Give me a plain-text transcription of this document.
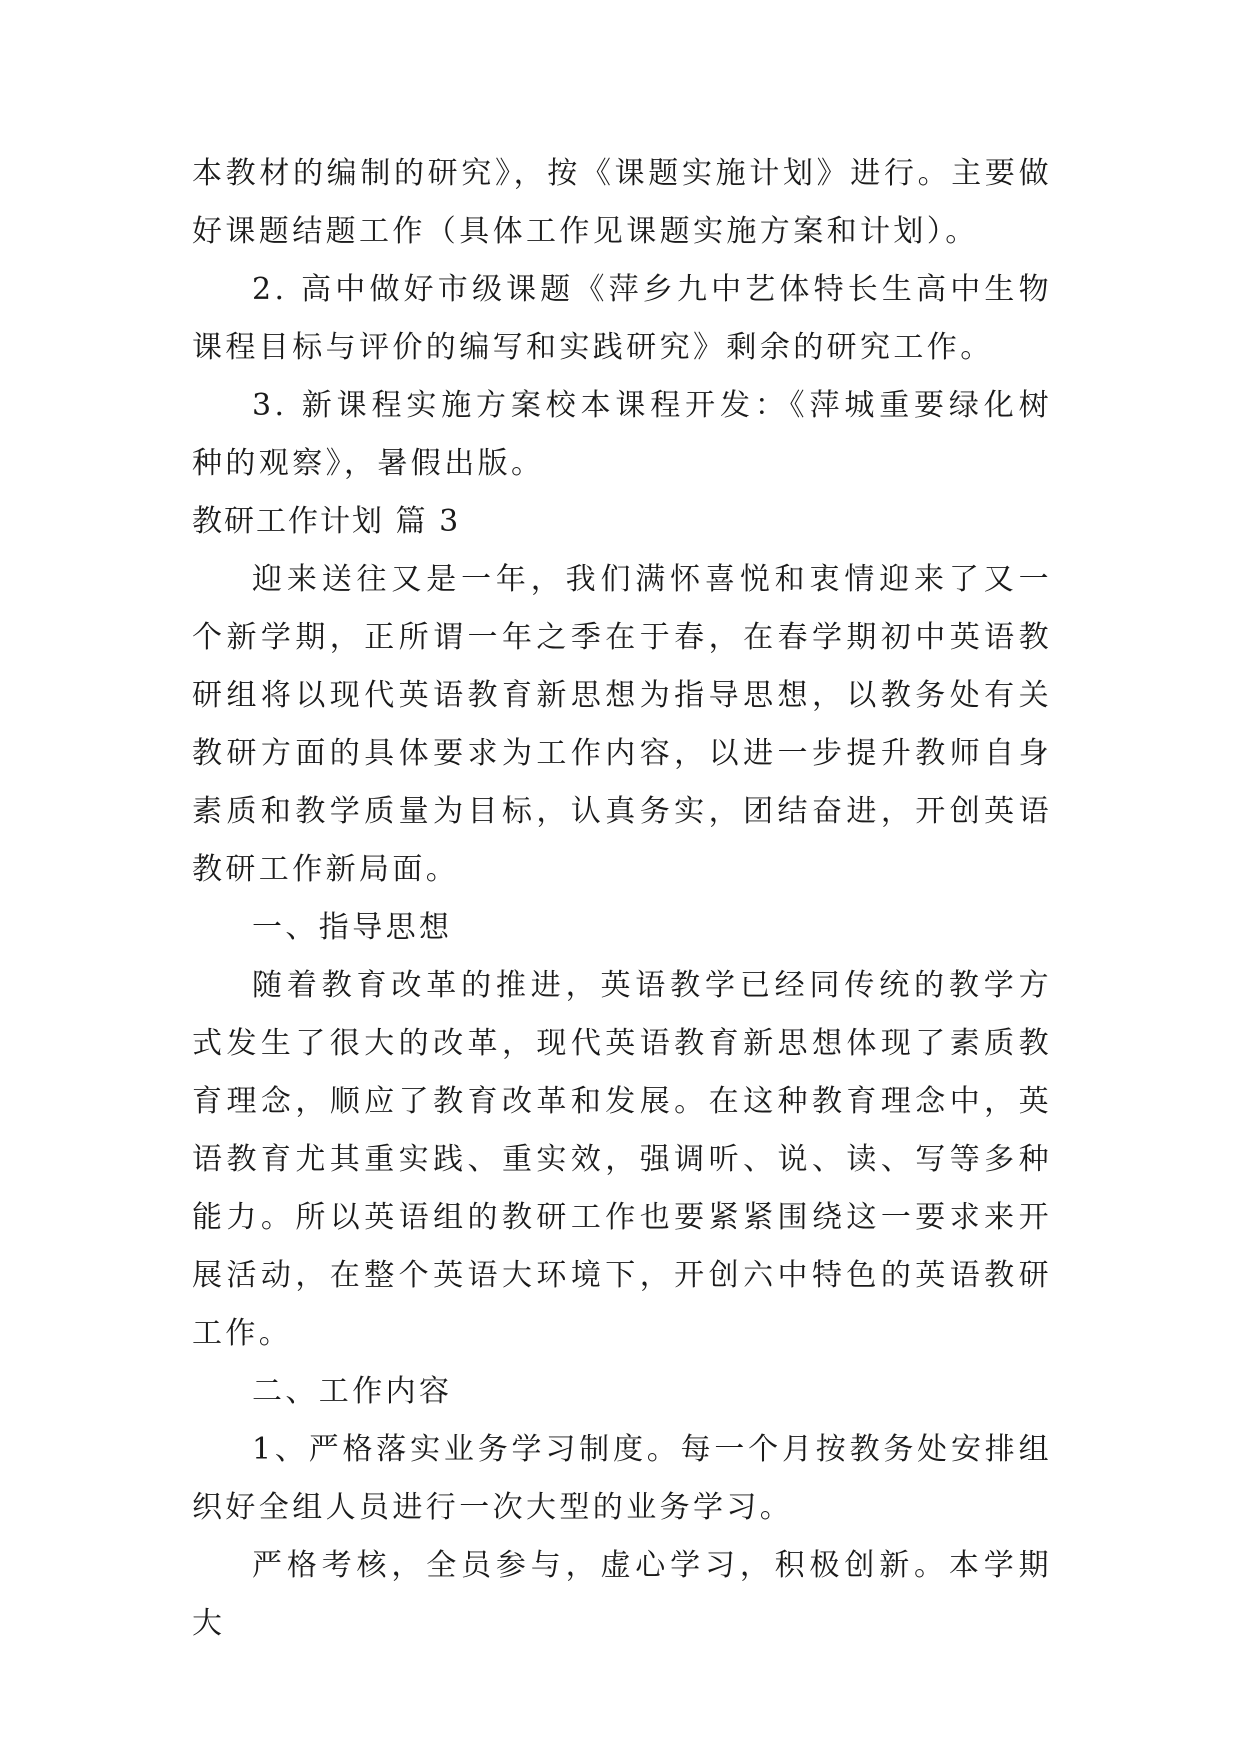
本教材的编制的研究》，按《课题实施计划》进行。主要做好课题结题工作（具体工作见课题实施方案和计划）。

2. 高中做好市级课题《萍乡九中艺体特长生高中生物课程目标与评价的编写和实践研究》剩余的研究工作。

3. 新课程实施方案校本课程开发：《萍城重要绿化树种的观察》，暑假出版。

教研工作计划 篇 3

迎来送往又是一年，我们满怀喜悦和衷情迎来了又一个新学期，正所谓一年之季在于春，在春学期初中英语教研组将以现代英语教育新思想为指导思想，以教务处有关教研方面的具体要求为工作内容，以进一步提升教师自身素质和教学质量为目标，认真务实，团结奋进，开创英语教研工作新局面。

一、指导思想

随着教育改革的推进，英语教学已经同传统的教学方式发生了很大的改革，现代英语教育新思想体现了素质教育理念，顺应了教育改革和发展。在这种教育理念中，英语教育尤其重实践、重实效，强调听、说、读、写等多种能力。所以英语组的教研工作也要紧紧围绕这一要求来开展活动，在整个英语大环境下，开创六中特色的英语教研工作。

二、工作内容

1、严格落实业务学习制度。每一个月按教务处安排组织好全组人员进行一次大型的业务学习。

严格考核，全员参与，虚心学习，积极创新。本学期大
